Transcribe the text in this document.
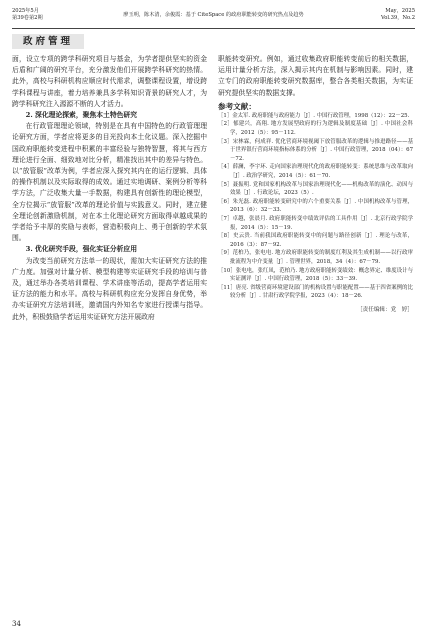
2025年5月
第39卷第2期	廖玉明，陈木清，余俊霞：基于 CiteSpace 的政府职能转变的研究热点及趋势
May，2025
Vol.39，No.2
政府管理

面，设立专项的跨学科研究项目与基金，为学者提供坚实的资金后盾和广阔的研究平台，充分激发他们开展跨学科研究的热情。此外，高校与科研机构应顺应时代需求，调整课程设置，增设跨学科课程与讲座，着力培养兼具多学科知识背景的研究人才，为跨学科研究注入源源不断的人才活力。

2. 深化理论探索，聚焦本土特色研究

在行政管理理论领域，特别是在具有中国特色的行政管理理论研究方面，学者应将更多的目光投向本土化议题。深入挖掘中国政府职能转变进程中积累的丰富经验与独特智慧，将其与西方理论进行全面、细致地对比分析，精准找出其中的差异与特色。以“放管服”改革为例，学者应深入探究其内在的运行逻辑、具体的操作机制以及实际取得的成效。通过实地调研、案例分析等科学方法，广泛收集大量一手数据，构建具有创新性的理论模型，全方位揭示“放管服”改革的理论价值与实践意义。同时，建立健全理论创新激励机制，对在本土化理论研究方面取得卓越成果的学者给予丰厚的奖励与表彰，营造积极向上、勇于创新的学术氛围。

3. 优化研究手段，强化实证分析应用

为改变当前研究方法单一的现状，需加大实证研究方法的推广力度。加强对计量分析、模型构建等实证研究手段的培训与普及，通过举办各类培训课程、学术讲座等活动，提高学者运用实证方法的能力和水平。高校与科研机构应充分发挥自身优势，举办实证研究方法培训班，邀请国内外知名专家进行授课与指导。此外，积极鼓励学者运用实证研究方法开展政府

职能转变研究。例如，通过收集政府职能转变前后的相关数据，运用计量分析方法，深入揭示其内在机制与影响因素。同时，建立专门的政府职能转变研究数据库，整合各类相关数据，为实证研究提供坚实的数据支撑。

参考文献：
［1］金太军. 政府职能与政府能力［J］. 中国行政管理，1998（12）：22－25.
［2］郁建兴，高翔. 地方发展型政府的行为逻辑及制度基础［J］. 中国社会科学，2012（5）：95－112.
［3］宋林霖，何成祥. 优化营商环境视阈下放管服改革的逻辑与推进路径——基于世界银行营商环境指标体系的分析［J］. 中国行政管理，2018（04）：67－72.
［4］薛澜，李宇环. 走向国家治理现代化的政府职能转变：系统思维与改革取向［J］. 政治学研究，2014（5）：61－70.
［5］聂振明. 党和国家机构改革与国家治理现代化——机构改革的演化、动因与效果［J］. 行政论坛，2023（5）.
［6］朱光磊. 政府职能转变研究中的六个重要关系［J］. 中国机构改革与管理，2013（6）：32－33.
［7］卓越，张晨月. 政府职能转变中绩效评估的工具作用［J］. 北京行政学院学报，2014（5）：15－19.
［8］史云贵. 当前我国政府职能转变中的问题与路径创新［J］. 理论与改革，2016（3）：87－92.
［9］范柏乃，张电电. 地方政府职能转变的制度红利及其生成机制——以行政审批流程为中介变量［J］. 管理世界，2018，34（4）：67－79.
［10］张电电，张红凤，范柏乃. 地方政府职能转变绩效：概念界定、维度设计与实证测评［J］. 中国行政管理，2018（5）：33－39.
［11］唐亮. 省级营商环境建设部门的机构设置与职能配置——基于四省案例的比较分析［J］. 甘肃行政学院学报，2023（4）：18－26.
［责任编辑：党　婷］
34
